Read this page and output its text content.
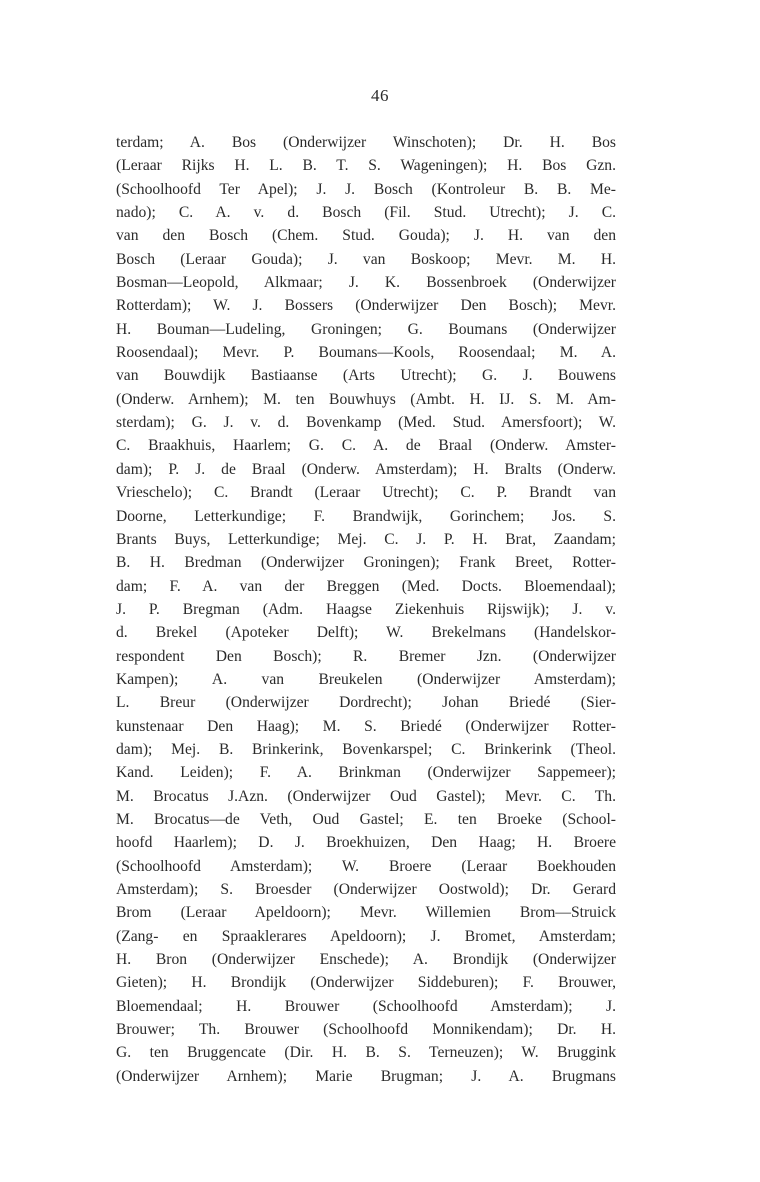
46
terdam; A. Bos (Onderwijzer Winschoten); Dr. H. Bos
(Leraar Rijks H. L. B. T. S. Wageningen); H. Bos Gzn.
(Schoolhoofd Ter Apel); J. J. Bosch (Kontroleur B. B. Me-
nado); C. A. v. d. Bosch (Fil. Stud. Utrecht); J. C.
van den Bosch (Chem. Stud. Gouda); J. H. van den
Bosch (Leraar Gouda); J. van Boskoop; Mevr. M. H.
Bosman—Leopold, Alkmaar; J. K. Bossenbroek (Onderwijzer
Rotterdam); W. J. Bossers (Onderwijzer Den Bosch); Mevr.
H. Bouman—Ludeling, Groningen; G. Boumans (Onderwijzer
Roosendaal); Mevr. P. Boumans—Kools, Roosendaal; M. A.
van Bouwdijk Bastiaanse (Arts Utrecht); G. J. Bouwens
(Onderw. Arnhem); M. ten Bouwhuys (Ambt. H. IJ. S. M. Am-
sterdam); G. J. v. d. Bovenkamp (Med. Stud. Amersfoort); W.
C. Braakhuis, Haarlem; G. C. A. de Braal (Onderw. Amster-
dam); P. J. de Braal (Onderw. Amsterdam); H. Bralts (Onderw.
Vrieschelo); C. Brandt (Leraar Utrecht); C. P. Brandt van
Doorne, Letterkundige; F. Brandwijk, Gorinchem; Jos. S.
Brants Buys, Letterkundige; Mej. C. J. P. H. Brat, Zaandam;
B. H. Bredman (Onderwijzer Groningen); Frank Breet, Rotter-
dam; F. A. van der Breggen (Med. Docts. Bloemendaal);
J. P. Bregman (Adm. Haagse Ziekenhuis Rijswijk); J. v.
d. Brekel (Apoteker Delft); W. Brekelmans (Handelskor-
respondent Den Bosch); R. Bremer Jzn. (Onderwijzer
Kampen); A. van Breukelen (Onderwijzer Amsterdam);
L. Breur (Onderwijzer Dordrecht); Johan Briedé (Sier-
kunstenaar Den Haag); M. S. Briedé (Onderwijzer Rotter-
dam); Mej. B. Brinkerink, Bovenkarspel; C. Brinkerink (Theol.
Kand. Leiden); F. A. Brinkman (Onderwijzer Sappemeer);
M. Brocatus J.Azn. (Onderwijzer Oud Gastel); Mevr. C. Th.
M. Brocatus—de Veth, Oud Gastel; E. ten Broeke (School-
hoofd Haarlem); D. J. Broekhuizen, Den Haag; H. Broere
(Schoolhoofd Amsterdam); W. Broere (Leraar Boekhouden
Amsterdam); S. Broesder (Onderwijzer Oostwold); Dr. Gerard
Brom (Leraar Apeldoorn); Mevr. Willemien Brom—Struick
(Zang- en Spraaklerares Apeldoorn); J. Bromet, Amsterdam;
H. Bron (Onderwijzer Enschede); A. Brondijk (Onderwijzer
Gieten); H. Brondijk (Onderwijzer Siddeburen); F. Brouwer,
Bloemendaal; H. Brouwer (Schoolhoofd Amsterdam); J.
Brouwer; Th. Brouwer (Schoolhoofd Monnikendam); Dr. H.
G. ten Bruggencate (Dir. H. B. S. Terneuzen); W. Bruggink
(Onderwijzer Arnhem); Marie Brugman; J. A. Brugmans
